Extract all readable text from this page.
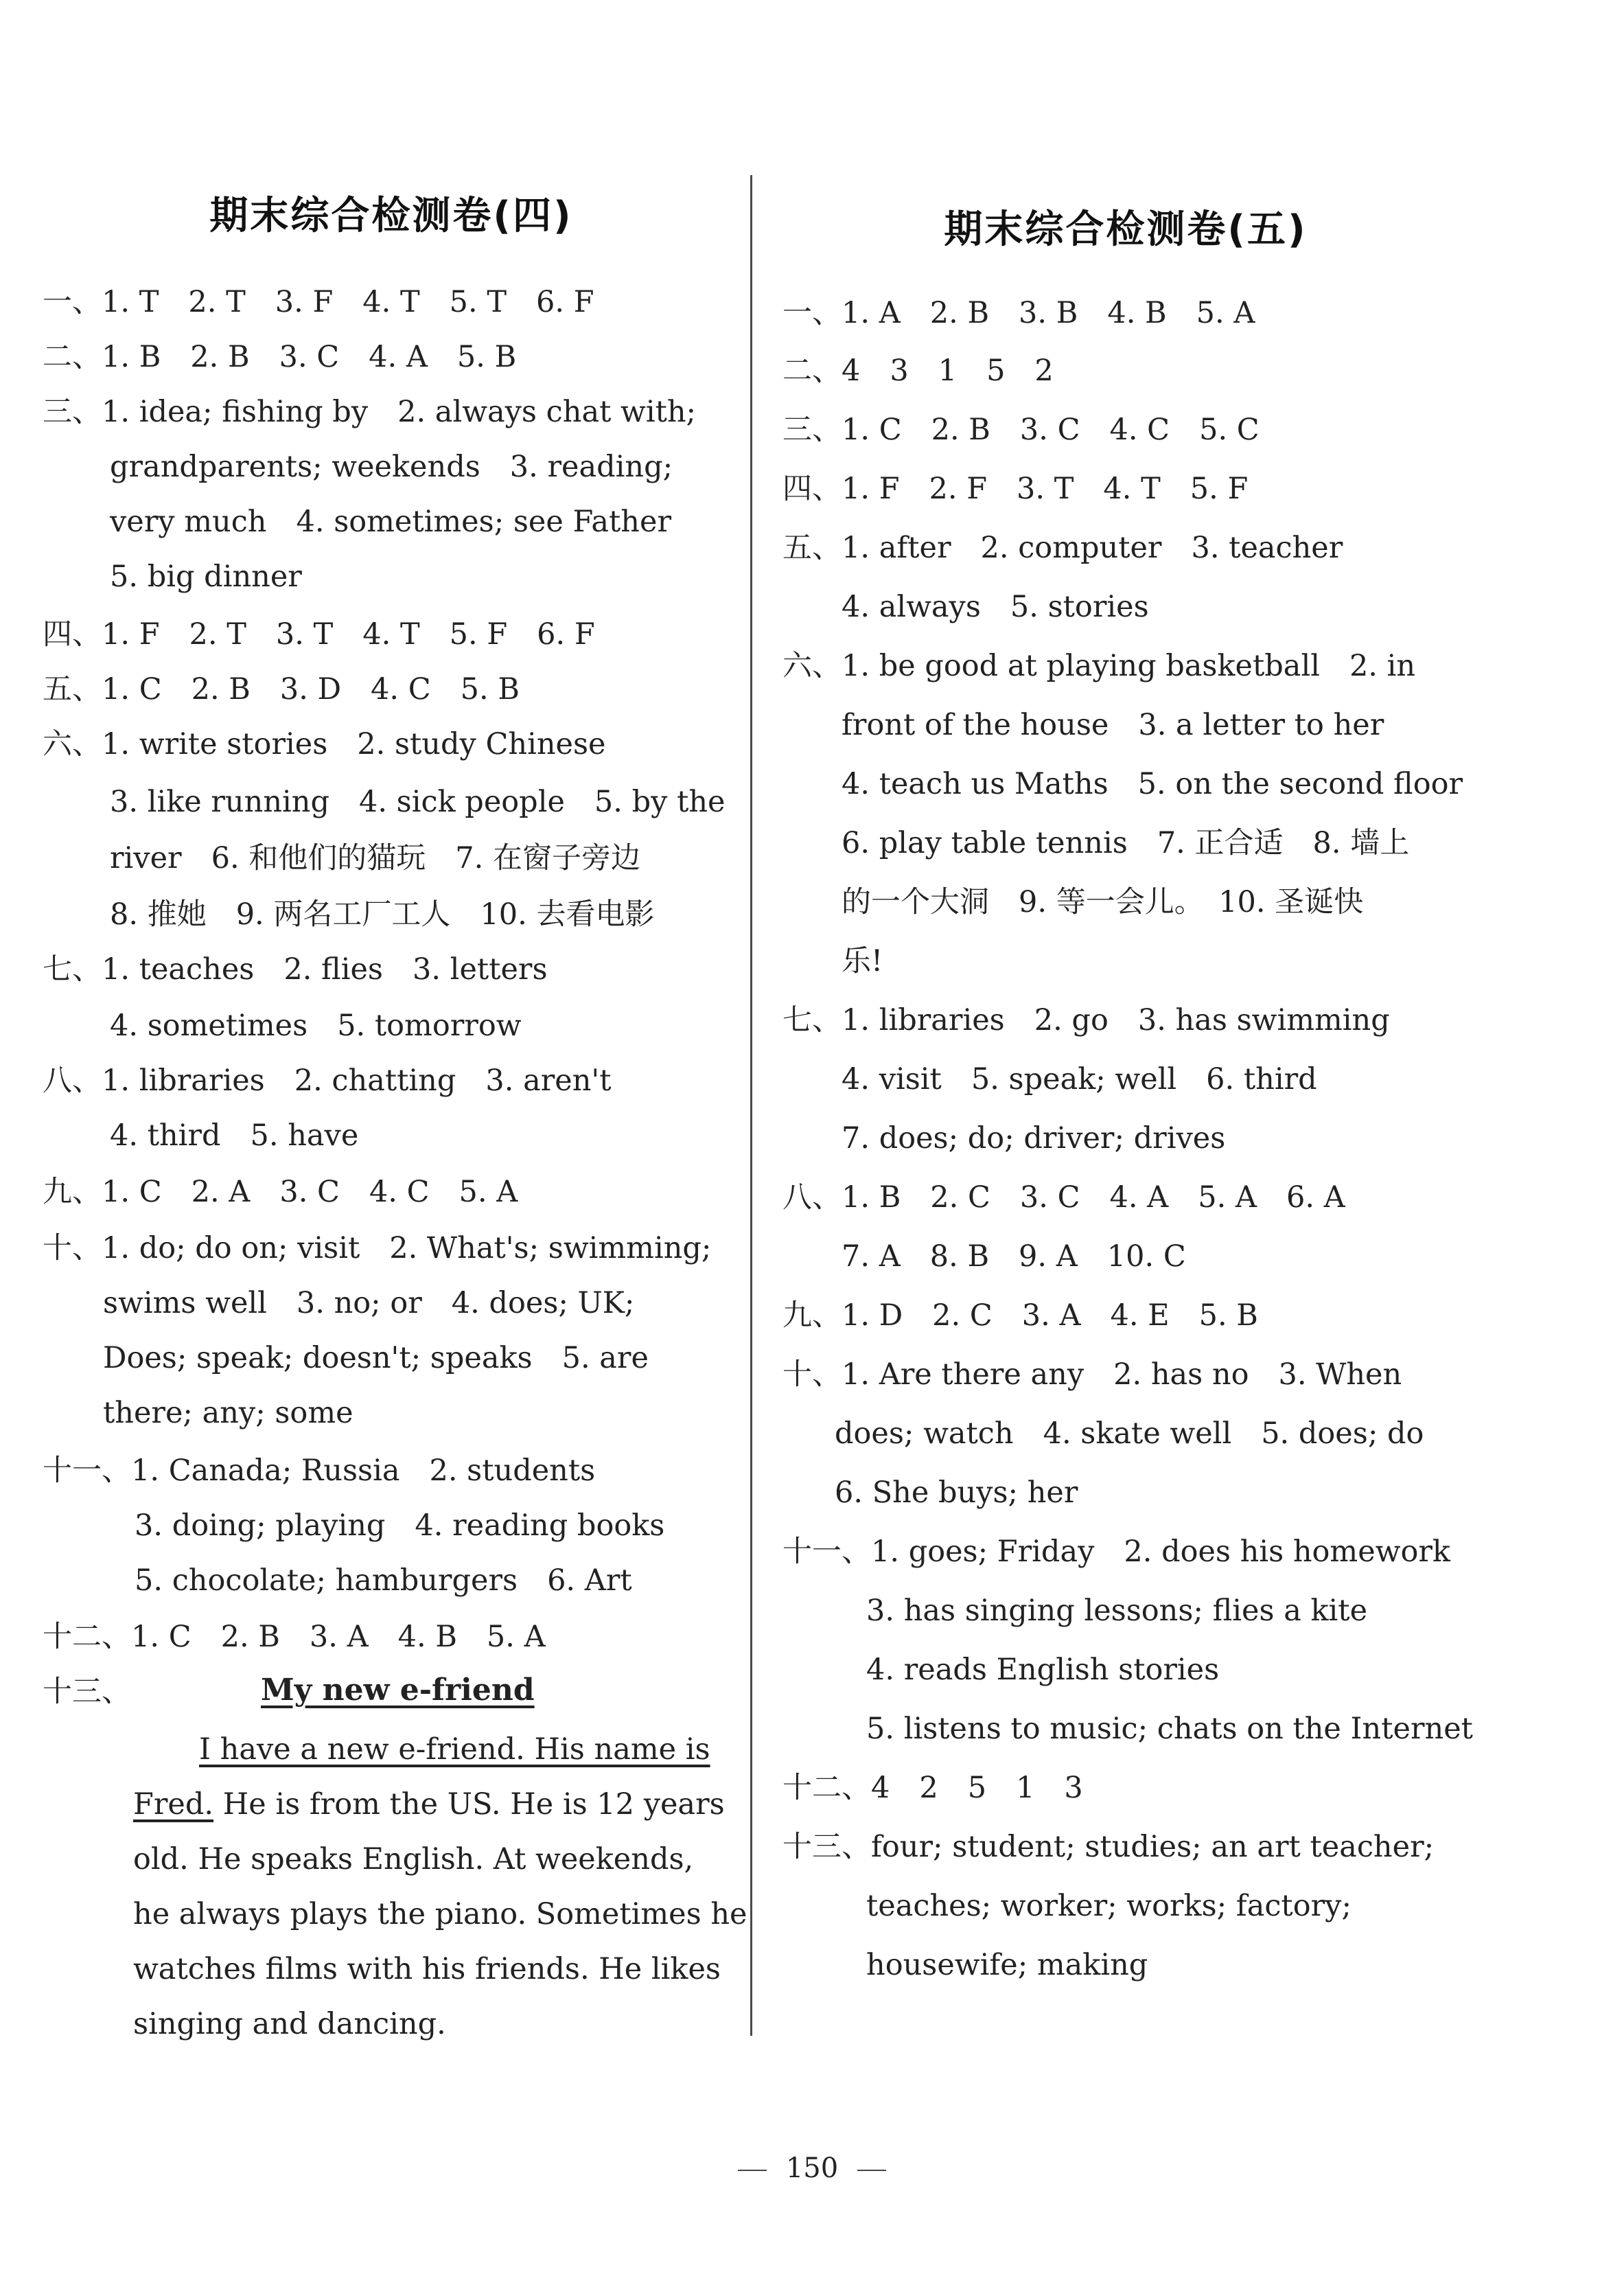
期末综合检测卷(四)
一、1. T　2. T　3. F　4. T　5. T　6. F
二、1. B　2. B　3. C　4. A　5. B
三、1. idea; fishing by　2. always chat with;
grandparents; weekends　3. reading;
very much　4. sometimes; see Father
5. big dinner
四、1. F　2. T　3. T　4. T　5. F　6. F
五、1. C　2. B　3. D　4. C　5. B
六、1. write stories　2. study Chinese
3. like running　4. sick people　5. by the
river　6. 和他们的猫玩　7. 在窗子旁边
8. 推她　9. 两名工厂工人　10. 去看电影
七、1. teaches　2. flies　3. letters
4. sometimes　5. tomorrow
八、1. libraries　2. chatting　3. aren't
4. third　5. have
九、1. C　2. A　3. C　4. C　5. A
十、1. do; do on; visit　2. What's; swimming;
swims well　3. no; or　4. does; UK;
Does; speak; doesn't; speaks　5. are
there; any; some
十一、1. Canada; Russia　2. students
3. doing; playing　4. reading books
5. chocolate; hamburgers　6. Art
十二、1. C　2. B　3. A　4. B　5. A
十三、	My new e-friend
I have a new e-friend. His name is
Fred. He is from the US. He is 12 years
old. He speaks English. At weekends,
he always plays the piano. Sometimes he
watches films with his friends. He likes
singing and dancing.
期末综合检测卷(五)
一、1. A　2. B　3. B　4. B　5. A
二、4　3　1　5　2
三、1. C　2. B　3. C　4. C　5. C
四、1. F　2. F　3. T　4. T　5. F
五、1. after　2. computer　3. teacher
4. always　5. stories
六、1. be good at playing basketball　2. in
front of the house　3. a letter to her
4. teach us Maths　5. on the second floor
6. play table tennis　7. 正合适　8. 墙上
的一个大洞　9. 等一会儿。　10. 圣诞快
乐!
七、1. libraries　2. go　3. has swimming
4. visit　5. speak; well　6. third
7. does; do; driver; drives
八、1. B　2. C　3. C　4. A　5. A　6. A
7. A　8. B　9. A　10. C
九、1. D　2. C　3. A　4. E　5. B
十、1. Are there any　2. has no　3. When
does; watch　4. skate well　5. does; do
6. She buys; her
十一、1. goes; Friday　2. does his homework
3. has singing lessons; flies a kite
4. reads English stories
5. listens to music; chats on the Internet
十二、4　2　5　1　3
十三、four; student; studies; an art teacher;
teaches; worker; works; factory;
housewife; making
150
